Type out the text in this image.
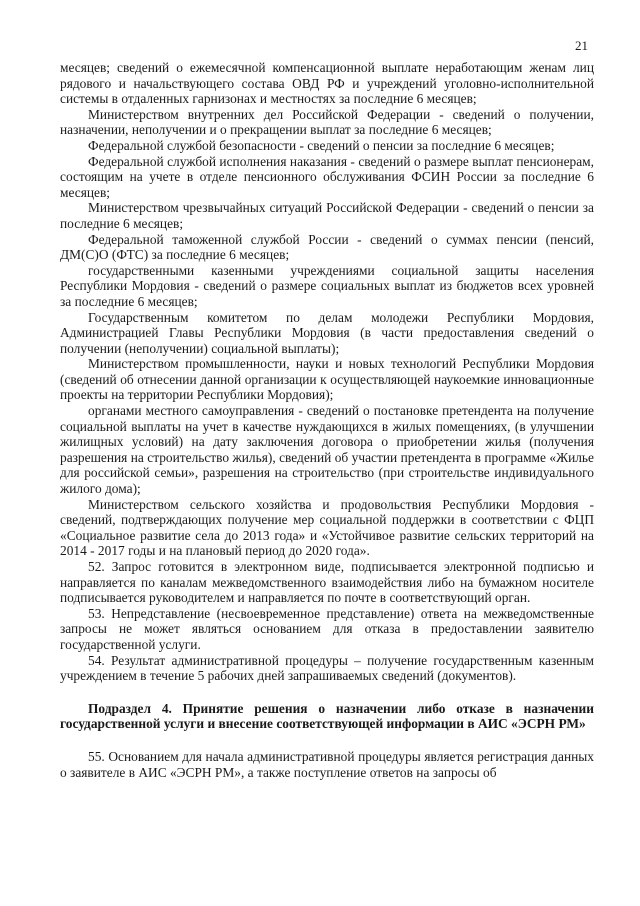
21

месяцев; сведений о ежемесячной компенсационной выплате неработающим женам лиц рядового и начальствующего состава ОВД РФ и учреждений уголовно-исполнительной системы в отдаленных гарнизонах и местностях за последние 6 месяцев;

Министерством внутренних дел Российской Федерации - сведений о получении, назначении, неполучении и о прекращении выплат за последние 6 месяцев;

Федеральной службой безопасности - сведений о пенсии за последние 6 месяцев;

Федеральной службой исполнения наказания - сведений о размере выплат пенсионерам, состоящим на учете в отделе пенсионного обслуживания ФСИН России за последние 6 месяцев;

Министерством чрезвычайных ситуаций Российской Федерации - сведений о пенсии за последние 6 месяцев;

Федеральной таможенной службой России - сведений о суммах пенсии (пенсий, ДМ(С)О (ФТС) за последние 6 месяцев;

государственными казенными учреждениями социальной защиты населения Республики Мордовия - сведений о размере социальных выплат из бюджетов всех уровней за последние 6 месяцев;

Государственным комитетом по делам молодежи Республики Мордовия, Администрацией Главы Республики Мордовия (в части предоставления сведений о получении (неполучении) социальной выплаты);

Министерством промышленности, науки и новых технологий Республики Мордовия (сведений об отнесении данной организации к осуществляющей наукоемкие инновационные проекты на территории Республики Мордовия);

органами местного самоуправления - сведений о постановке претендента на получение социальной выплаты на учет в качестве нуждающихся в жилых помещениях, (в улучшении жилищных условий) на дату заключения договора о приобретении жилья (получения разрешения на строительство жилья), сведений об участии претендента в программе «Жилье для российской семьи», разрешения на строительство (при строительстве индивидуального жилого дома);

Министерством сельского хозяйства и продовольствия Республики Мордовия - сведений, подтверждающих получение мер социальной поддержки в соответствии с ФЦП «Социальное развитие села до 2013 года» и «Устойчивое развитие сельских территорий на 2014 - 2017 годы и на плановый период до 2020 года».

52. Запрос готовится в электронном виде, подписывается электронной подписью и направляется по каналам межведомственного взаимодействия либо на бумажном носителе подписывается руководителем и направляется по почте в соответствующий орган.

53. Непредставление (несвоевременное представление) ответа на межведомственные запросы не может являться основанием для отказа в предоставлении заявителю государственной услуги.

54. Результат административной процедуры – получение государственным казенным учреждением в течение 5 рабочих дней запрашиваемых сведений (документов).

Подраздел 4. Принятие решения о назначении либо отказе в назначении государственной услуги и внесение соответствующей информации в АИС «ЭСРН РМ»

55. Основанием для начала административной процедуры является регистрация данных о заявителе в АИС «ЭСРН РМ», а также поступление ответов на запросы об
